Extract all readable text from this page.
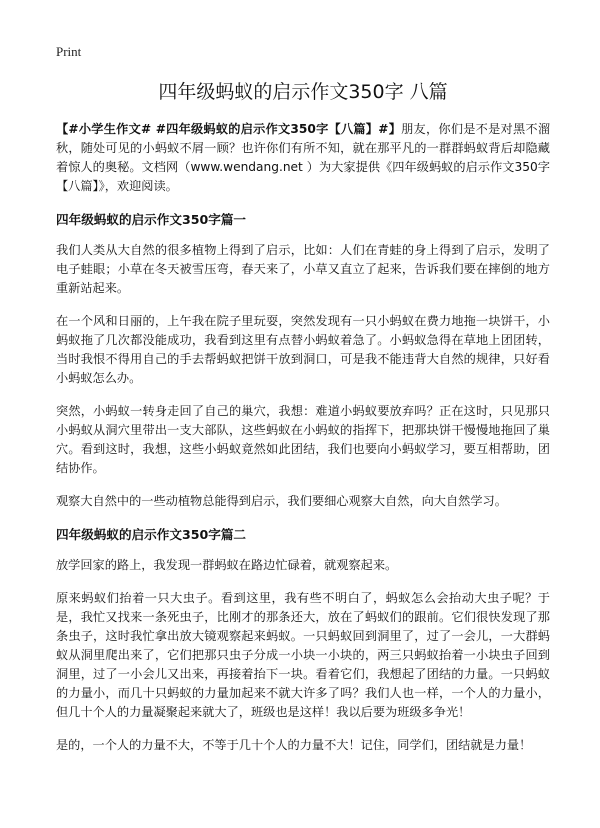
Print
四年级蚂蚁的启示作文350字 八篇

【#小学生作文# #四年级蚂蚁的启示作文350字【八篇】#】朋友，你们是不是对黑不溜秋，随处可见的小蚂蚁不屑一顾？也许你们有所不知，就在那平凡的一群群蚂蚁背后却隐藏着惊人的奥秘。文档网（www.wendang.net ）为大家提供《四年级蚂蚁的启示作文350字【八篇】》，欢迎阅读。

四年级蚂蚁的启示作文350字篇一

我们人类从大自然的很多植物上得到了启示，比如：人们在青蛙的身上得到了启示，发明了电子蛙眼；小草在冬天被雪压弯，春天来了，小草又直立了起来，告诉我们要在摔倒的地方重新站起来。

在一个风和日丽的，上午我在院子里玩耍，突然发现有一只小蚂蚁在费力地拖一块饼干，小蚂蚁拖了几次都没能成功，我看到这里有点替小蚂蚁着急了。小蚂蚁急得在草地上团团转，当时我恨不得用自己的手去帮蚂蚁把饼干放到洞口，可是我不能违背大自然的规律，只好看小蚂蚁怎么办。

突然，小蚂蚁一转身走回了自己的巢穴，我想：难道小蚂蚁要放弃吗？正在这时，只见那只小蚂蚁从洞穴里带出一支大部队，这些蚂蚁在小蚂蚁的指挥下，把那块饼干慢慢地拖回了巢穴。看到这时，我想，这些小蚂蚁竟然如此团结，我们也要向小蚂蚁学习，要互相帮助，团结协作。

观察大自然中的一些动植物总能得到启示，我们要细心观察大自然，向大自然学习。

四年级蚂蚁的启示作文350字篇二

放学回家的路上，我发现一群蚂蚁在路边忙碌着，就观察起来。

原来蚂蚁们抬着一只大虫子。看到这里，我有些不明白了，蚂蚁怎么会抬动大虫子呢？于是，我忙又找来一条死虫子，比刚才的那条还大，放在了蚂蚁们的跟前。它们很快发现了那条虫子，这时我忙拿出放大镜观察起来蚂蚁。一只蚂蚁回到洞里了，过了一会儿，一大群蚂蚁从洞里爬出来了，它们把那只虫子分成一小块一小块的，两三只蚂蚁抬着一小块虫子回到洞里，过了一小会儿又出来，再接着抬下一块。看着它们，我想起了团结的力量。一只蚂蚁的力量小，而几十只蚂蚁的力量加起来不就大许多了吗？我们人也一样，一个人的力量小，但几十个人的力量凝聚起来就大了，班级也是这样！我以后要为班级多争光！

是的，一个人的力量不大，不等于几十个人的力量不大！记住，同学们，团结就是力量！
